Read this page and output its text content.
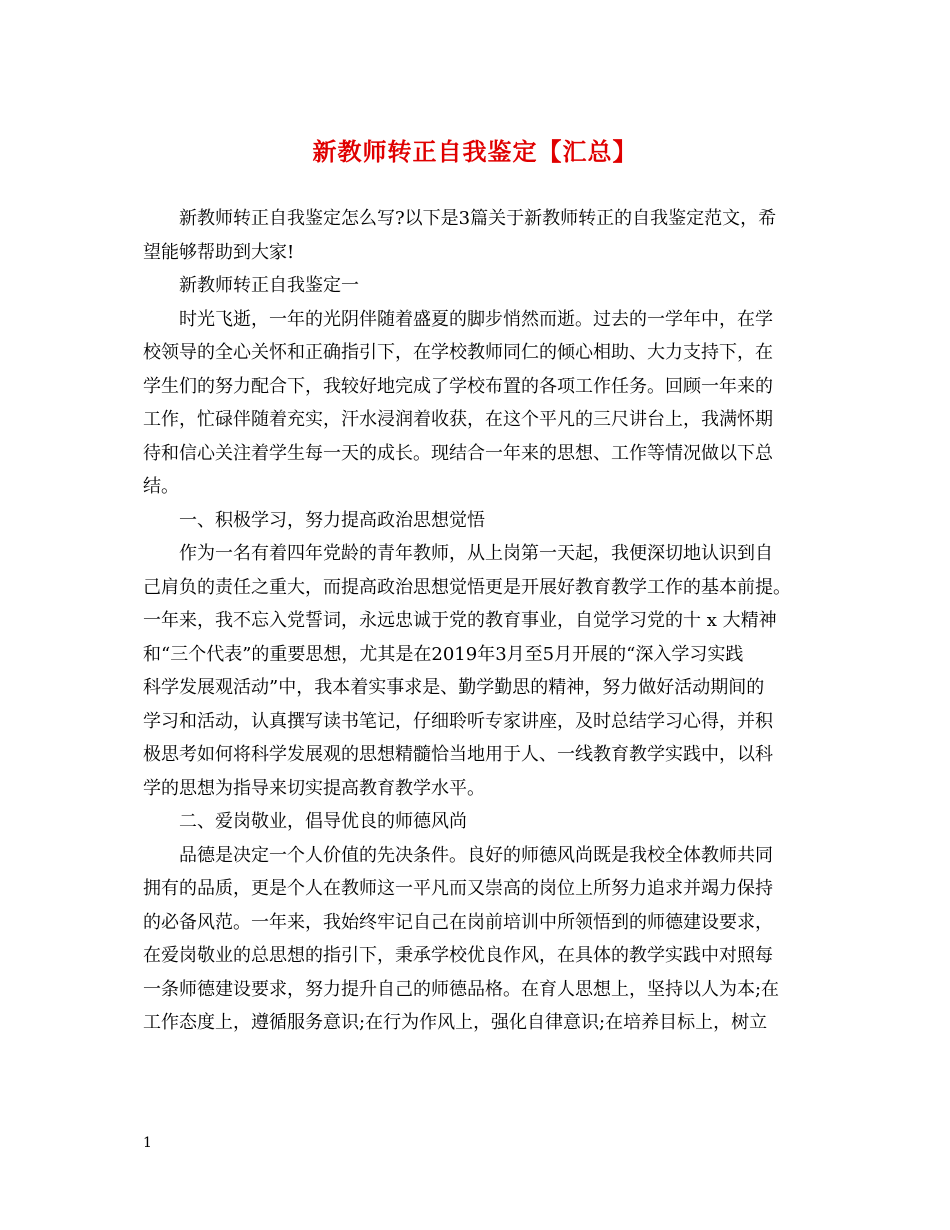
新教师转正自我鉴定【汇总】
新教师转正自我鉴定怎么写?以下是3篇关于新教师转正的自我鉴定范文，希
望能够帮助到大家!
新教师转正自我鉴定一
时光飞逝，一年的光阴伴随着盛夏的脚步悄然而逝。过去的一学年中，在学
校领导的全心关怀和正确指引下，在学校教师同仁的倾心相助、大力支持下，在
学生们的努力配合下，我较好地完成了学校布置的各项工作任务。回顾一年来的
工作，忙碌伴随着充实，汗水浸润着收获，在这个平凡的三尺讲台上，我满怀期
待和信心关注着学生每一天的成长。现结合一年来的思想、工作等情况做以下总
结。
一、积极学习，努力提高政治思想觉悟
作为一名有着四年党龄的青年教师，从上岗第一天起，我便深切地认识到自
己肩负的责任之重大，而提高政治思想觉悟更是开展好教育教学工作的基本前提。
一年来，我不忘入党誓词，永远忠诚于党的教育事业，自觉学习党的十 x 大精神
和“三个代表”的重要思想，尤其是在2019年3月至5月开展的“深入学习实践
科学发展观活动”中，我本着实事求是、勤学勤思的精神，努力做好活动期间的
学习和活动，认真撰写读书笔记，仔细聆听专家讲座，及时总结学习心得，并积
极思考如何将科学发展观的思想精髓恰当地用于人、一线教育教学实践中，以科
学的思想为指导来切实提高教育教学水平。
二、爱岗敬业，倡导优良的师德风尚
品德是决定一个人价值的先决条件。良好的师德风尚既是我校全体教师共同
拥有的品质，更是个人在教师这一平凡而又崇高的岗位上所努力追求并竭力保持
的必备风范。一年来，我始终牢记自己在岗前培训中所领悟到的师德建设要求，
在爱岗敬业的总思想的指引下，秉承学校优良作风，在具体的教学实践中对照每
一条师德建设要求，努力提升自己的师德品格。在育人思想上，坚持以人为本;在
工作态度上，遵循服务意识;在行为作风上，强化自律意识;在培养目标上，树立
1
